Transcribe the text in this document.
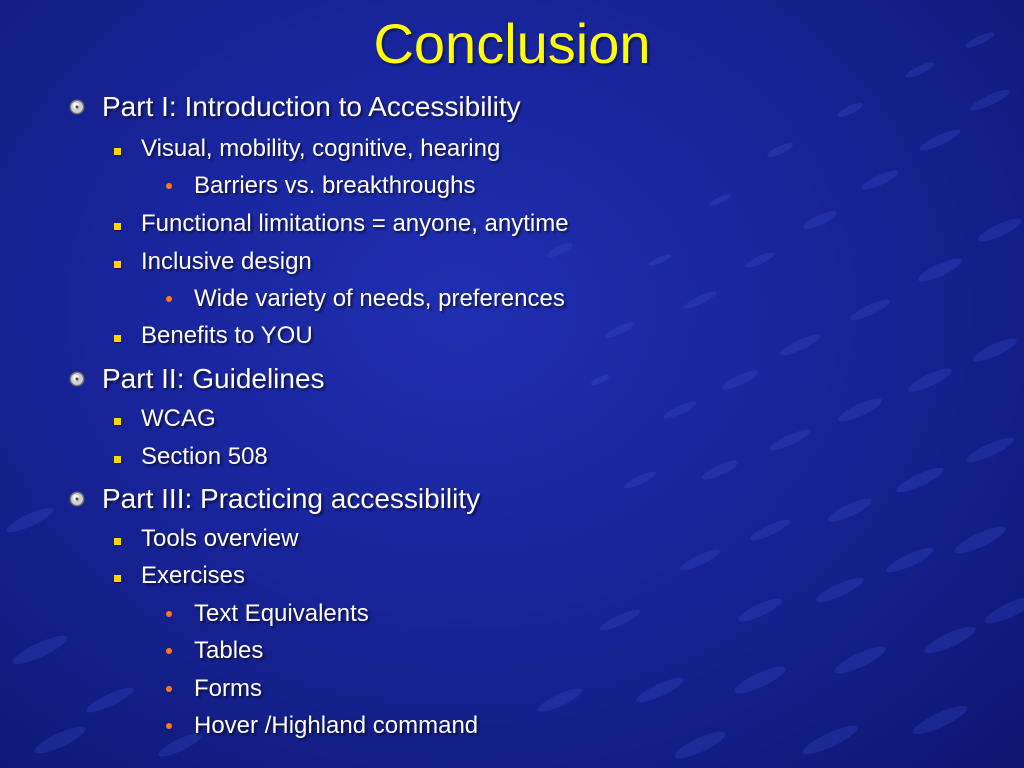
Conclusion
Part I: Introduction to Accessibility
Visual, mobility, cognitive, hearing
Barriers vs. breakthroughs
Functional limitations = anyone, anytime
Inclusive design
Wide variety of needs, preferences
Benefits to YOU
Part II: Guidelines
WCAG
Section 508
Part III: Practicing accessibility
Tools overview
Exercises
Text Equivalents
Tables
Forms
Hover /Highland command
